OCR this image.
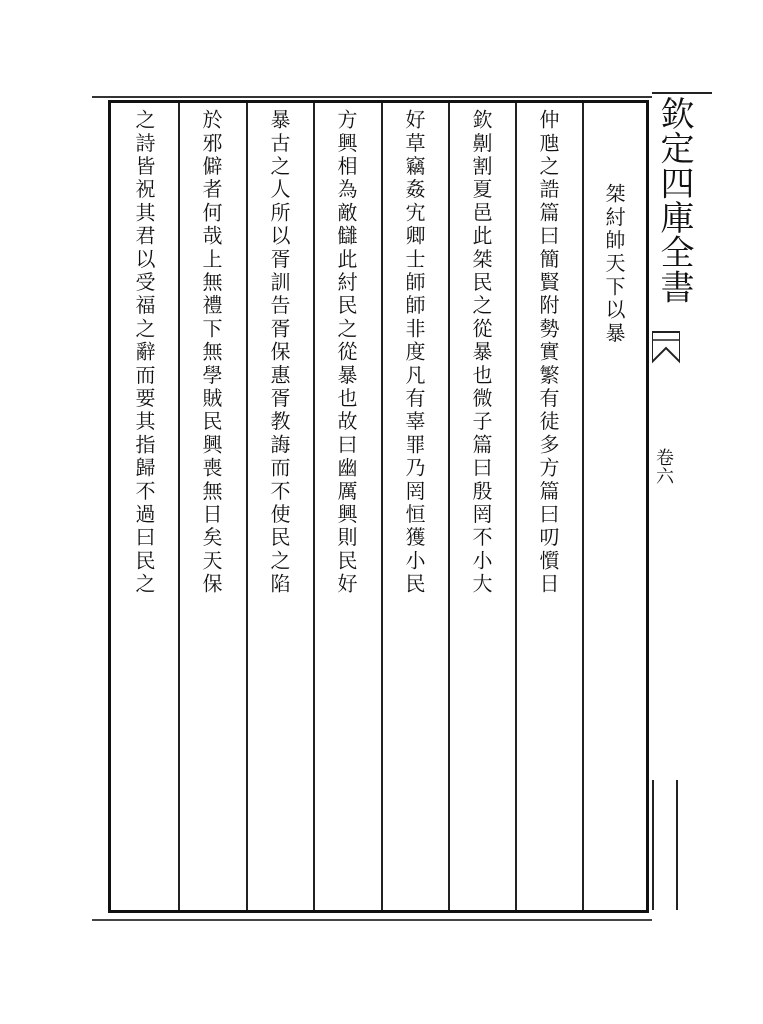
桀紂帥天下以暴
仲虺之誥篇曰簡賢附勢實繁有徒多方篇曰叨懫日
欽劓割夏邑此桀民之從暴也微子篇曰殷罔不小大
好草竊姦宄卿士師師非度凡有辜罪乃罔恒獲小民
方興相為敵讎此紂民之從暴也故曰幽厲興則民好
暴古之人所以胥訓告胥保惠胥教誨而不使民之陷
於邪僻者何哉上無禮下無學賊民興喪無日矣天保
之詩皆祝其君以受福之辭而要其指歸不過曰民之	欽定四庫全書
卷六
